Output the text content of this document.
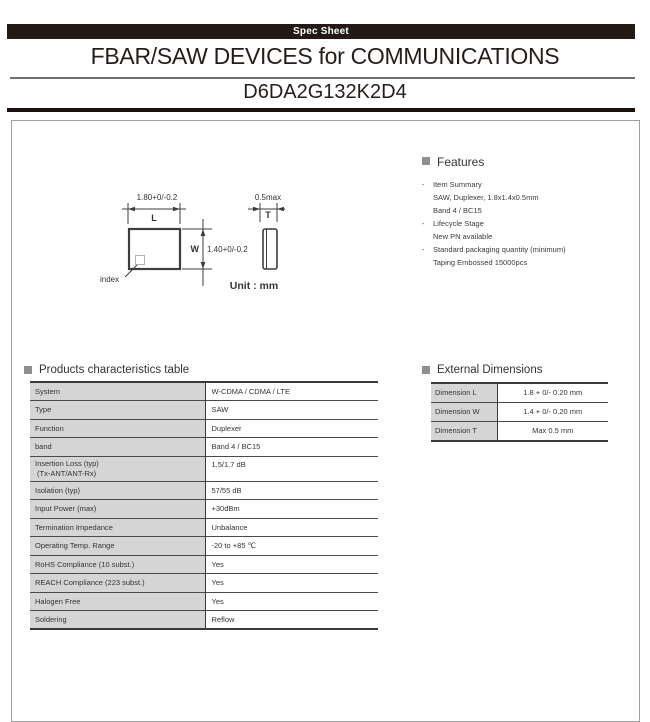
Spec Sheet
FBAR/SAW DEVICES for COMMUNICATIONS
D6DA2G132K2D4
1.80+0/-0.2
L
index
W 1.40+0/-0.2
0.5max
T
Unit : mm
Features
- Item Summary
SAW, Duplexer, 1.8x1.4x0.5mm
Band 4 / BC15
- Lifecycle Stage
New PN available
- Standard packaging quantity (minimum)
Taping Embossed 15000pcs
Products characteristics table
System	W-CDMA / CDMA / LTE
Type	SAW
Function	Duplexer
band	Band 4 / BC15

Insertion Loss (typ)
(Tx-ANT/ANT-Rx)	1.5/1.7 dB
Isolation (typ)	57/55 dB
Input Power (max)	+30dBm
Termination Impedance	Unbalance
Operating Temp. Range	-20 to +85 ℃
RoHS Compliance (10 subst.)	Yes
REACH Compliance (223 subst.)	Yes
Halogen Free	Yes
Soldering	Reflow
External Dimensions
Dimension L	1.8 + 0/- 0.20 mm
Dimension W	1.4 + 0/- 0.20 mm
Dimension T	Max 0.5 mm
